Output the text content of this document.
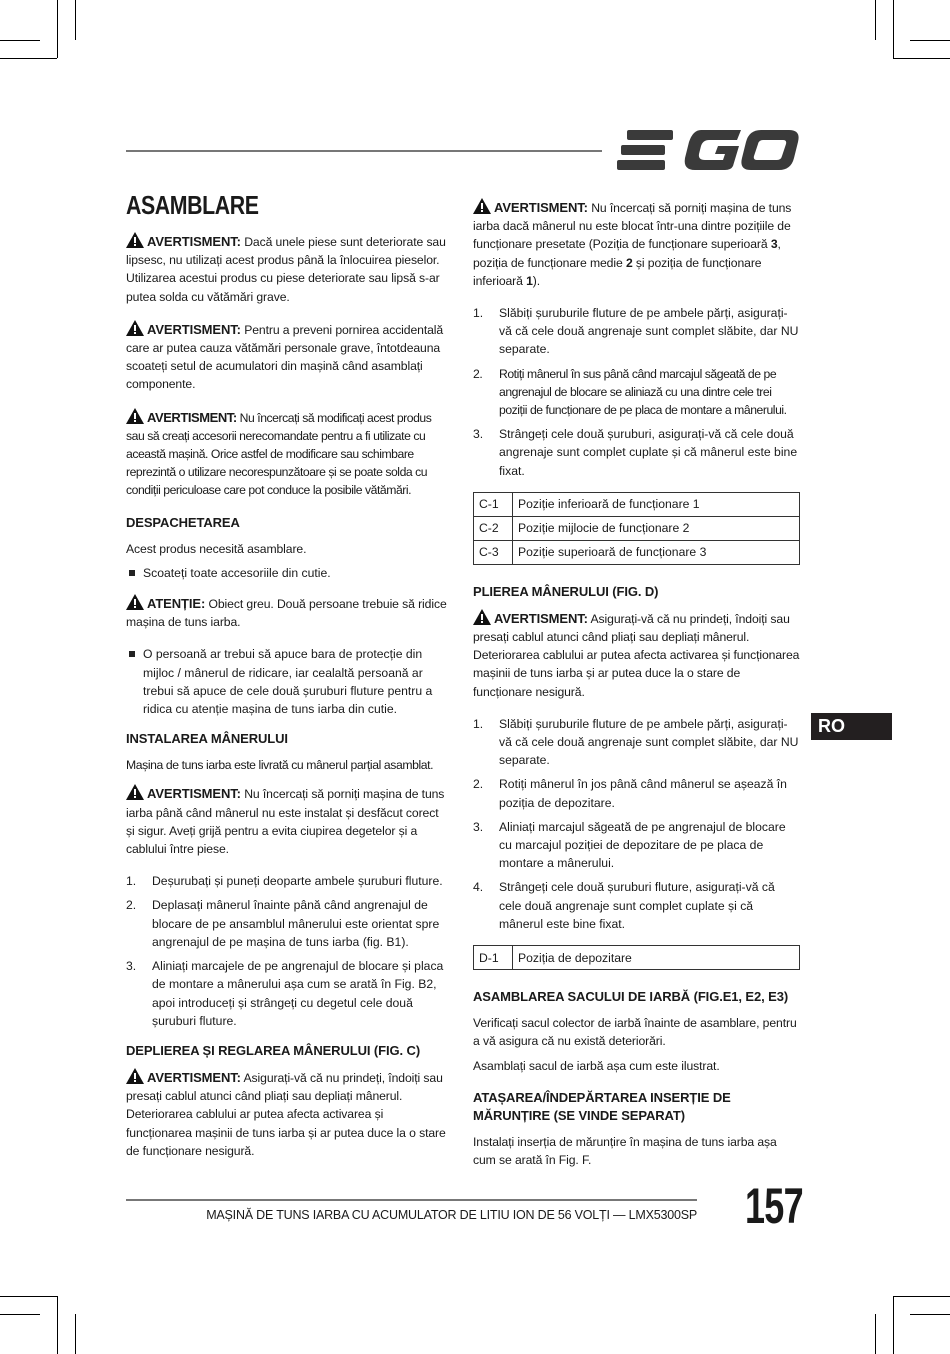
ASAMBLARE

AVERTISMENT: Dacă unele piese sunt deteriorate sau lipsesc, nu utilizați acest produs până la înlocuirea pieselor. Utilizarea acestui produs cu piese deteriorate sau lipsă s-ar putea solda cu vătămări grave.

AVERTISMENT: Pentru a preveni pornirea accidentală care ar putea cauza vătămări personale grave, întotdeauna scoateți setul de acumulatori din mașină când asamblați componente.

AVERTISMENT: Nu încercați să modificați acest produs sau să creați accesorii nerecomandate pentru a fi utilizate cu această mașină. Orice astfel de modificare sau schimbare reprezintă o utilizare necorespunzătoare și se poate solda cu condiții periculoase care pot conduce la posibile vătămări.

DESPACHETAREA

Acest produs necesită asamblare.

Scoateți toate accesoriile din cutie.

ATENȚIE: Obiect greu. Două persoane trebuie să ridice mașina de tuns iarba.

O persoană ar trebui să apuce bara de protecție din mijloc / mânerul de ridicare, iar cealaltă persoană ar trebui să apuce de cele două șuruburi fluture pentru a ridica cu atenție mașina de tuns iarba din cutie.
INSTALAREA MÂNERULUI

Mașina de tuns iarba este livrată cu mânerul parțial asamblat.

AVERTISMENT: Nu încercați să porniți mașina de tuns iarba până când mânerul nu este instalat și desfăcut corect și sigur. Aveți grijă pentru a evita ciupirea degetelor și a cablului între piese.

1. Deșurubați și puneți deoparte ambele șuruburi fluture.
2. Deplasați mânerul înainte până când angrenajul de blocare de pe ansamblul mânerului este orientat spre angrenajul de pe mașina de tuns iarba (fig. B1).
3. Aliniați marcajele de pe angrenajul de blocare și placa de montare a mânerului așa cum se arată în Fig. B2, apoi introduceți și strângeți cu degetul cele două șuruburi fluture.
DEPLIEREA ȘI REGLAREA MÂNERULUI (FIG. C)

AVERTISMENT: Asigurați-vă că nu prindeți, îndoiți sau presați cablul atunci când pliați sau depliați mânerul. Deteriorarea cablului ar putea afecta activarea și funcționarea mașinii de tuns iarba și ar putea duce la o stare de funcționare nesigură.

AVERTISMENT: Nu încercați să porniți mașina de tuns iarba dacă mânerul nu este blocat într-una dintre pozițiile de funcționare presetate (Poziția de funcționare superioară 3, poziția de funcționare medie 2 și poziția de funcționare inferioară 1).

1. Slăbiți șuruburile fluture de pe ambele părți, asigurați-vă că cele două angrenaje sunt complet slăbite, dar NU separate.
2. Rotiți mânerul în sus până când marcajul săgeată de pe angrenajul de blocare se aliniază cu una dintre cele trei poziții de funcționare de pe placa de montare a mânerului.
3. Strângeți cele două șuruburi, asigurați-vă că cele două angrenaje sunt complet cuplate și că mânerul este bine fixat.
C-1	Poziție inferioară de funcționare 1
C-2	Poziție mijlocie de funcționare 2
C-3	Poziție superioară de funcționare 3
PLIEREA MÂNERULUI (FIG. D)

AVERTISMENT: Asigurați-vă că nu prindeți, îndoiți sau presați cablul atunci când pliați sau depliați mânerul. Deteriorarea cablului ar putea afecta activarea și funcționarea mașinii de tuns iarba și ar putea duce la o stare de funcționare nesigură.

1. Slăbiți șuruburile fluture de pe ambele părți, asigurați-vă că cele două angrenaje sunt complet slăbite, dar NU separate.
2. Rotiți mânerul în jos până când mânerul se așează în poziția de depozitare.
3. Aliniați marcajul săgeată de pe angrenajul de blocare cu marcajul poziției de depozitare de pe placa de montare a mânerului.
4. Strângeți cele două șuruburi fluture, asigurați-vă că cele două angrenaje sunt complet cuplate și că mânerul este bine fixat.
D-1	Poziția de depozitare
ASAMBLAREA SACULUI DE IARBĂ (FIG.E1, E2, E3)

Verificați sacul colector de iarbă înainte de asamblare, pentru a vă asigura că nu există deteriorări.

Asamblați sacul de iarbă așa cum este ilustrat.

ATAȘAREA/ÎNDEPĂRTAREA INSERȚIE DE MĂRUNȚIRE (SE VINDE SEPARAT)

Instalați inserția de mărunțire în mașina de tuns iarba așa cum se arată în Fig. F.

RO
MAȘINĂ DE TUNS IARBA CU ACUMULATOR DE LITIU ION DE 56 VOLȚI — LMX5300SP 157
